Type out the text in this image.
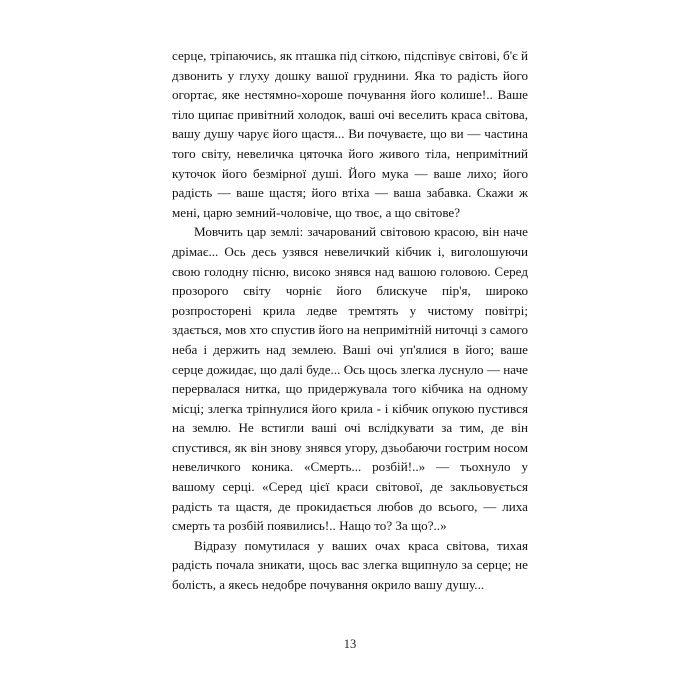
серце, тріпаючись, як пташка під сіткою, підспівує світові, б'є й дзвонить у глуху дошку вашої груднини. Яка то радість його огортає, яке нестямно-хороше почування його колише!.. Ваше тіло щипає привітний холодок, ваші очі веселить краса світова, вашу душу чарує його щастя... Ви почуваєте, що ви — частина того світу, невеличка цяточка його живого тіла, непримітний куточок його безмірної душі. Його мука — ваше лихо; його радість — ваше щастя; його втіха — ваша забавка. Скажи ж мені, царю земний-чоловіче, що твоє, а що світове?

Мовчить цар землі: зачарований світовою красою, він наче дрімає... Ось десь узявся невеличкий кібчик і, виголошуючи свою голодну пісню, високо знявся над вашою головою. Серед прозорого світу чорніє його блискуче пір'я, широко розпросторені крила ледве тремтять у чистому повітрі; здається, мов хто спустив його на непримітній ниточці з самого неба і держить над землею. Ваші очі уп'ялися в його; ваше серце дожидає, що далі буде... Ось щось злегка луснуло — наче перервалася нитка, що придержувала того кібчика на одному місці; злегка тріпнулися його крила - і кібчик опукою пустився на землю. Не встигли ваші очі вслідкувати за тим, де він спустився, як він знову знявся угору, дзьобаючи гострим носом невеличкого коника. «Смерть... розбій!..» — тьохнуло у вашому серці. «Серед цієї краси світової, де закльовується радість та щастя, де прокидається любов до всього, — лиха смерть та розбій появились!.. Нащо то? За що?..»

Відразу помутилася у ваших очах краса світова, тихая радість почала зникати, щось вас злегка вщипнуло за серце; не болість, а якесь недобре почування окрило вашу душу...

13
